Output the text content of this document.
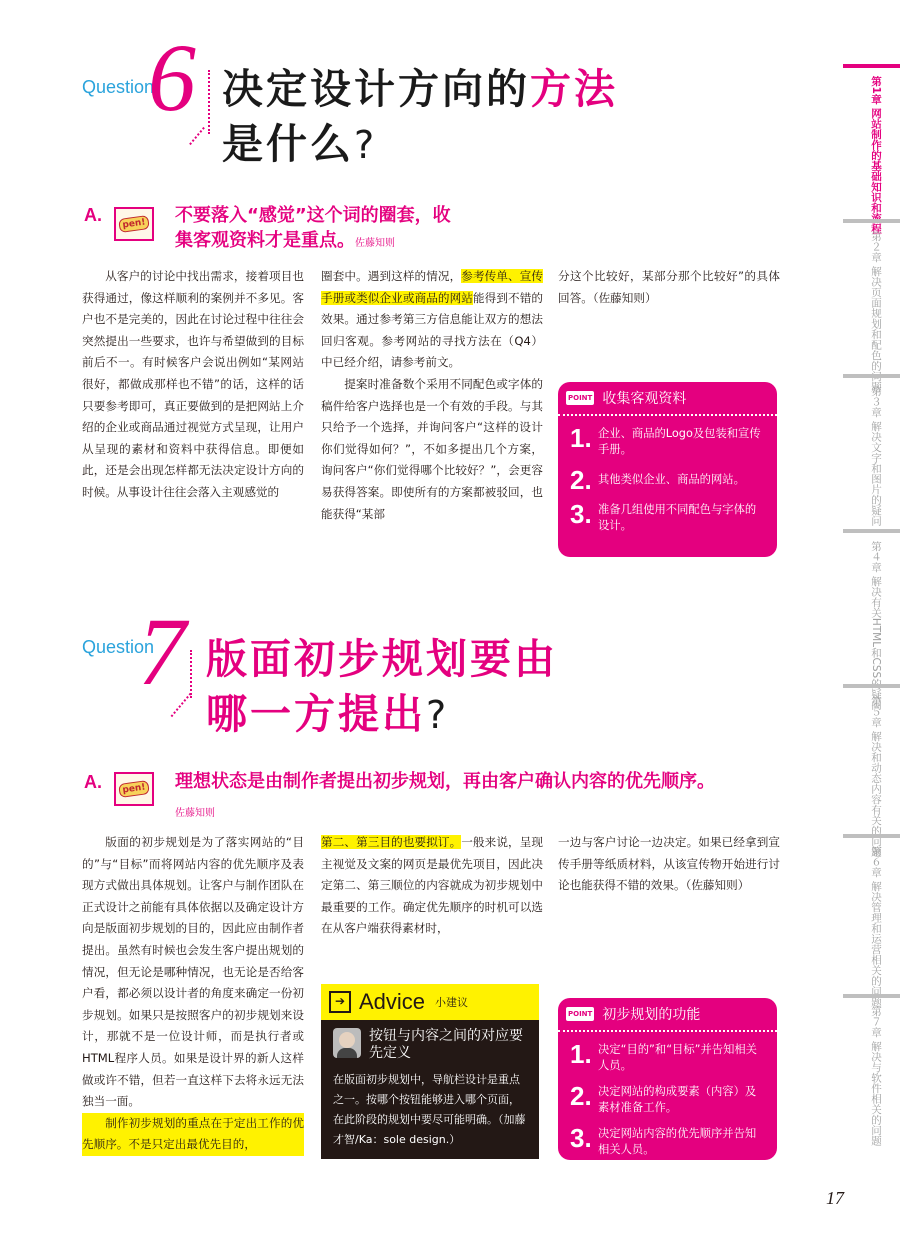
Question
6 决定设计方向的方法
是什么?
A.	pen! 不要落入“感觉”这个词的圈套，收
集客观资料才是重点。佐藤知则

从客户的讨论中找出需求，接着项目也获得通过，像这样顺利的案例并不多见。客户也不是完美的，因此在讨论过程中往往会突然提出一些要求，也许与希望做到的目标前后不一。有时候客户会说出例如“某网站很好，都做成那样也不错”的话，这样的话只要参考即可，真正要做到的是把网站上介绍的企业或商品通过视觉方式呈现，让用户从呈现的素材和资料中获得信息。即便如此，还是会出现怎样都无法决定设计方向的时候。从事设计往往会落入主观感觉的

圈套中。遇到这样的情况，参考传单、宣传手册或类似企业或商品的网站能得到不错的效果。通过参考第三方信息能让双方的想法回归客观。参考网站的寻找方法在（Q4）中已经介绍，请参考前文。

提案时准备数个采用不同配色或字体的稿件给客户选择也是一个有效的手段。与其只给予一个选择，并询问客户“这样的设计你们觉得如何？”，不如多提出几个方案，询问客户“你们觉得哪个比较好？”，会更容易获得答案。即使所有的方案都被驳回，也能获得“某部

分这个比较好，某部分那个比较好”的具体回答。（佐藤知则）

POINT 收集客观资料
1. 企业、商品的Logo及包装和宣传手册。
2. 其他类似企业、商品的网站。
3. 准备几组使用不同配色与字体的设计。
Question
7 版面初步规划要由
哪一方提出?
A.	pen! 理想状态是由制作者提出初步规划，再由客户确认内容的优先顺序。
佐藤知则

版面的初步规划是为了落实网站的“目的”与“目标”而将网站内容的优先顺序及表现方式做出具体规划。让客户与制作团队在正式设计之前能有具体依据以及确定设计方向是版面初步规划的目的，因此应由制作者提出。虽然有时候也会发生客户提出规划的情况，但无论是哪种情况，也无论是否给客户看，都必须以设计者的角度来确定一份初步规划。如果只是按照客户的初步规划来设计，那就不是一位设计师，而是执行者或HTML程序人员。如果是设计界的新人这样做或许不错，但若一直这样下去将永远无法独当一面。

制作初步规划的重点在于定出工作的优先顺序。不是只定出最优先目的，

第二、第三目的也要拟订。一般来说，呈现主视觉及文案的网页是最优先项目，因此决定第二、第三顺位的内容就成为初步规划中最重要的工作。确定优先顺序的时机可以选在从客户端获得素材时，

一边与客户讨论一边决定。如果已经拿到宣传手册等纸质材料，从该宣传物开始进行讨论也能获得不错的效果。（佐藤知则）

➔ Advice 小建议
按钮与内容之间的对应要先定义
在版面初步规划中，导航栏设计是重点之一。按哪个按钮能够进入哪个页面，在此阶段的规划中要尽可能明确。（加藤才智/Ka：sole design.）
POINT 初步规划的功能
1. 决定“目的”和“目标”并告知相关人员。
2. 决定网站的构成要素（内容）及素材准备工作。
3. 决定网站内容的优先顺序并告知相关人员。
第1章 网站制作的基础知识和流程
第２章 解决页面规划和配色的问题
第３章 解决文字和图片的疑问
第４章 解决有关HTML和CSS的疑问
第５章 解决和动态内容有关的问题
第６章 解决管理和运营相关的问题
第７章 解决与软件相关的问题
17
